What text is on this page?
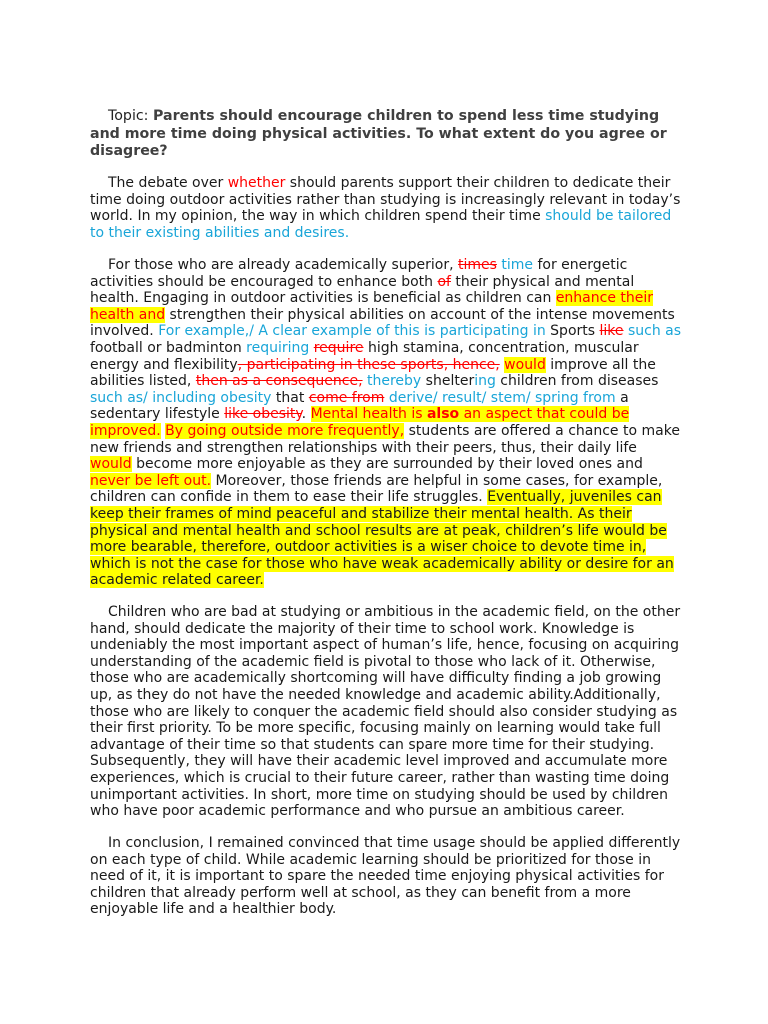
Topic: Parents should encourage children to spend less time studying and more time doing physical activities. To what extent do you agree or disagree?

The debate over whether should parents support their children to dedicate their time doing outdoor activities rather than studying is increasingly relevant in today’s world. In my opinion, the way in which children spend their time should be tailored to their existing abilities and desires.

For those who are already academically superior, times time for energetic activities should be encouraged to enhance both of their physical and mental health. Engaging in outdoor activities is beneficial as children can enhance their health and strengthen their physical abilities on account of the intense movements involved. For example,/ A clear example of this is participating in Sports like such as football or badminton requiring require high stamina, concentration, muscular energy and flexibility, participating in these sports, hence, would improve all the abilities listed, then as a consequence, thereby sheltering children from diseases such as/ including obesity that come from derive/ result/ stem/ spring from a sedentary lifestyle like obesity. Mental health is also an aspect that could be improved. By going outside more frequently, students are offered a chance to make new friends and strengthen relationships with their peers, thus, their daily life would become more enjoyable as they are surrounded by their loved ones and never be left out. Moreover, those friends are helpful in some cases, for example, children can confide in them to ease their life struggles. Eventually, juveniles can keep their frames of mind peaceful and stabilize their mental health. As their physical and mental health and school results are at peak, children’s life would be more bearable, therefore, outdoor activities is a wiser choice to devote time in, which is not the case for those who have weak academically ability or desire for an academic related career.

Children who are bad at studying or ambitious in the academic field, on the other hand, should dedicate the majority of their time to school work. Knowledge is undeniably the most important aspect of human’s life, hence, focusing on acquiring understanding of the academic field is pivotal to those who lack of it. Otherwise, those who are academically shortcoming will have difficulty finding a job growing up, as they do not have the needed knowledge and academic ability.Additionally, those who are likely to conquer the academic field should also consider studying as their first priority. To be more specific, focusing mainly on learning would take full advantage of their time so that students can spare more time for their studying. Subsequently, they will have their academic level improved and accumulate more experiences, which is crucial to their future career, rather than wasting time doing unimportant activities. In short, more time on studying should be used by children who have poor academic performance and who pursue an ambitious career.

In conclusion, I remained convinced that time usage should be applied differently on each type of child. While academic learning should be prioritized for those in need of it, it is important to spare the needed time enjoying physical activities for children that already perform well at school, as they can benefit from a more enjoyable life and a healthier body.
